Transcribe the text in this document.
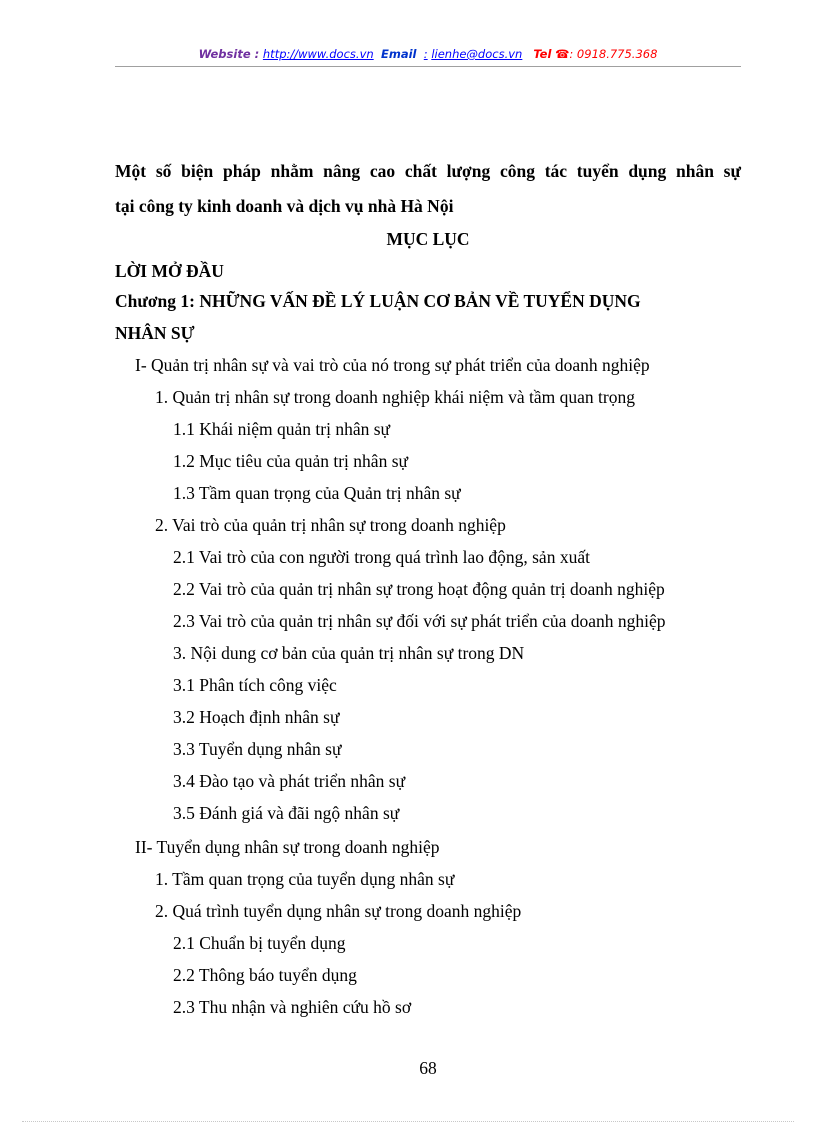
Website : http://www.docs.vn Email : lienhe@docs.vn Tel ☎: 0918.775.368
Một số biện pháp nhằm nâng cao chất lượng công tác tuyển dụng nhân sự
tại công ty kinh doanh và dịch vụ nhà Hà Nội
MỤC LỤC
LỜI MỞ ĐẦU
Chương 1: NHỮNG VẤN ĐỀ LÝ LUẬN CƠ BẢN VỀ TUYỂN DỤNG
NHÂN SỰ
I- Quản trị nhân sự và vai trò của nó trong sự phát triển của doanh nghiệp
1. Quản trị nhân sự trong doanh nghiệp khái niệm và tầm quan trọng
1.1 Khái niệm quản trị nhân sự
1.2 Mục tiêu của quản trị nhân sự
1.3 Tầm quan trọng của Quản trị nhân sự
2. Vai trò của quản trị nhân sự trong doanh nghiệp
2.1 Vai trò của con người trong quá trình lao động, sản xuất
2.2 Vai trò của quản trị nhân sự trong hoạt động quản trị doanh nghiệp
2.3 Vai trò của quản trị nhân sự đối với sự phát triển của doanh nghiệp
3. Nội dung cơ bản của quản trị nhân sự trong DN
3.1 Phân tích công việc
3.2 Hoạch định nhân sự
3.3 Tuyển dụng nhân sự
3.4 Đào tạo và phát triển nhân sự
3.5 Đánh giá và đãi ngộ nhân sự
II- Tuyển dụng nhân sự trong doanh nghiệp
1. Tầm quan trọng của tuyển dụng nhân sự
2. Quá trình tuyển dụng nhân sự trong doanh nghiệp
2.1 Chuẩn bị tuyển dụng
2.2 Thông báo tuyển dụng
2.3 Thu nhận và nghiên cứu hồ sơ
68
